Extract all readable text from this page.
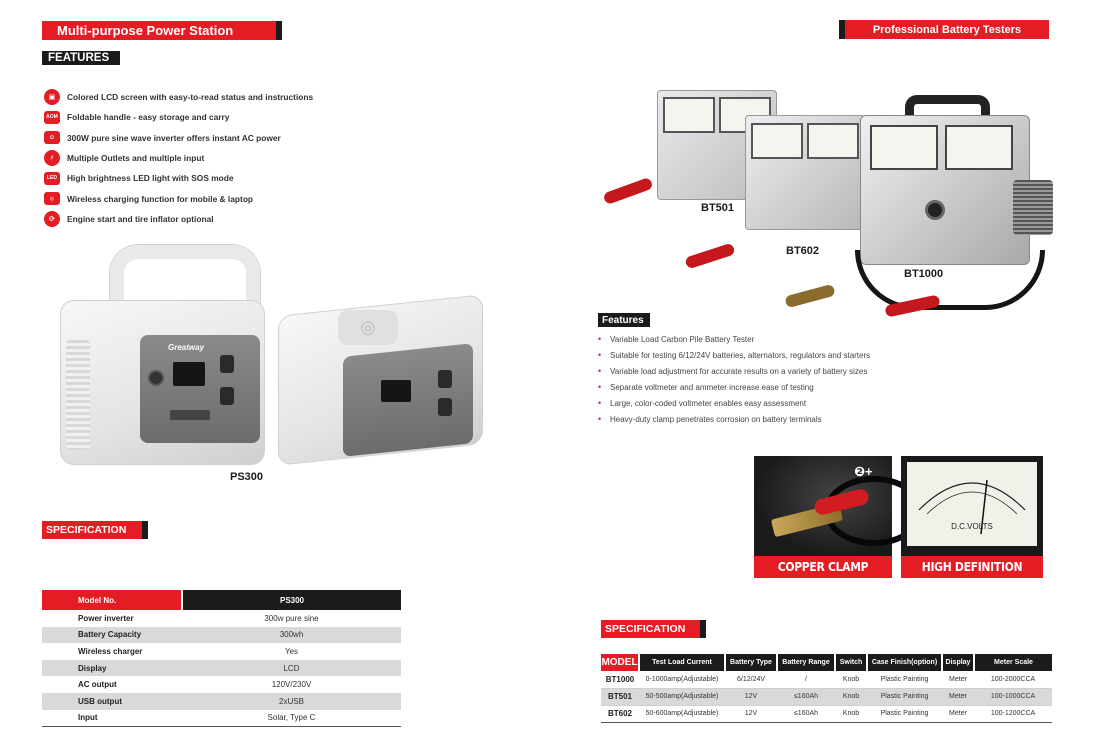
Multi-purpose Power Station
FEATURES
▣	Colored LCD screen with easy-to-read status and instructions
AOM Foldable handle - easy storage and carry
⏻	300W pure sine wave inverter offers instant AC power
⚡	Multiple Outlets and multiple input
LED	High brightness LED light with SOS mode
◎	Wireless charging function for mobile & laptop
⟳	Engine start and tire inflator optional
Greatway
◎
PS300
SPECIFICATION
Model No.	PS300
Power inverter	300w pure sine
Battery Capacity	300wh
Wireless charger	Yes
Display	LCD
AC output	120V/230V
USB output	2xUSB
Input	Solar, Type C
Professional Battery Testers
BT501
BT602
BT1000
Features
•	Variable Load Carbon Pile Battery Tester
•	Suitable for testing 6/12/24V batteries, alternators, regulators and starters
•	Variable load adjustment for accurate results on a variety of battery sizes
•	Separate voltmeter and ammeter increase ease of testing
•	Large, color-coded voltmeter enables easy assessment
•	Heavy-duty clamp penetrates corrosion on battery terminals
❷+
COPPER CLAMP
D.C.VOLTS
HIGH DEFINITION
SPECIFICATION
MODEL	Test Load Current	Battery Type	Battery Range	Switch	Case Finish(option)	Display	Meter Scale
BT1000	0-1000amp(Adjustable)	6/12/24V	/	Knob	Plastic Painting	Meter	100-2000CCA
BT501	50-500amp(Adjustable)	12V	≤160Ah	Knob	Plastic Painting	Meter	100-1000CCA
BT602	50-600amp(Adjustable)	12V	≤160Ah	Knob	Plastic Painting	Meter	100-1200CCA
